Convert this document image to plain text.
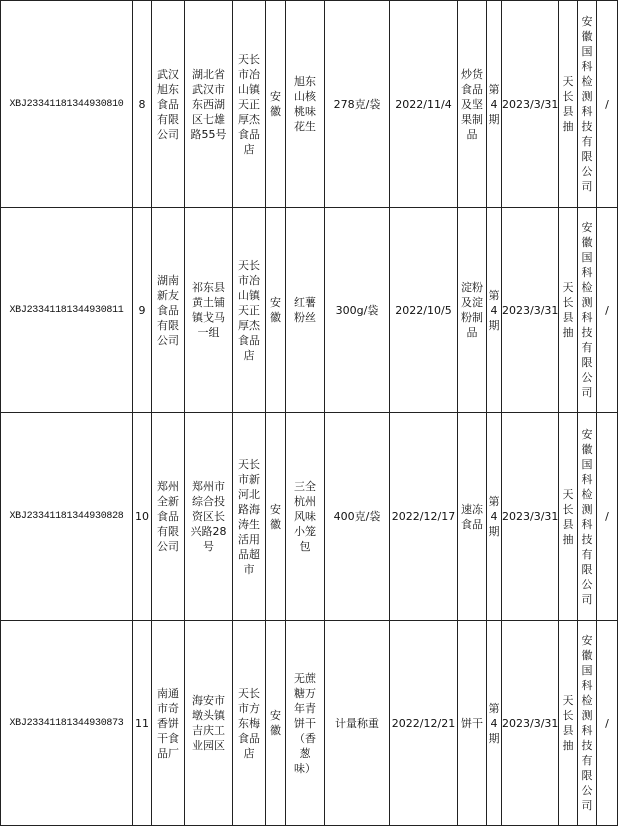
XBJ23341181344930810	8	武汉旭东食品有限公司	湖北省武汉市东西湖区七雄路55号	天长市冶山镇天正厚杰食品店	安徽	旭东山核桃味花生	278克/袋	2022/11/4	炒货食品及坚果制品	第4期	2023/3/31	天长县抽	安徽国科检测科技有限公司	/
XBJ23341181344930811	9	湖南新友食品有限公司	祁东县黄土铺镇戈马一组	天长市冶山镇天正厚杰食品店	安徽	红薯粉丝	300g/袋	2022/10/5	淀粉及淀粉制品	第4期	2023/3/31	天长县抽	安徽国科检测科技有限公司	/
XBJ23341181344930828	10	郑州全新食品有限公司	郑州市综合投资区长兴路28号	天长市新河北路海涛生活用品超市	安徽	三全杭州风味小笼包	400克/袋	2022/12/17	速冻食品	第4期	2023/3/31	天长县抽	安徽国科检测科技有限公司	/
XBJ23341181344930873	11	南通市奇香饼干食品厂	海安市墩头镇吉庆工业园区	天长市方东梅食品店	安徽	无蔗糖万年青饼干（香葱味）	计量称重	2022/12/21	饼干	第4期	2023/3/31	天长县抽	安徽国科检测科技有限公司	/
